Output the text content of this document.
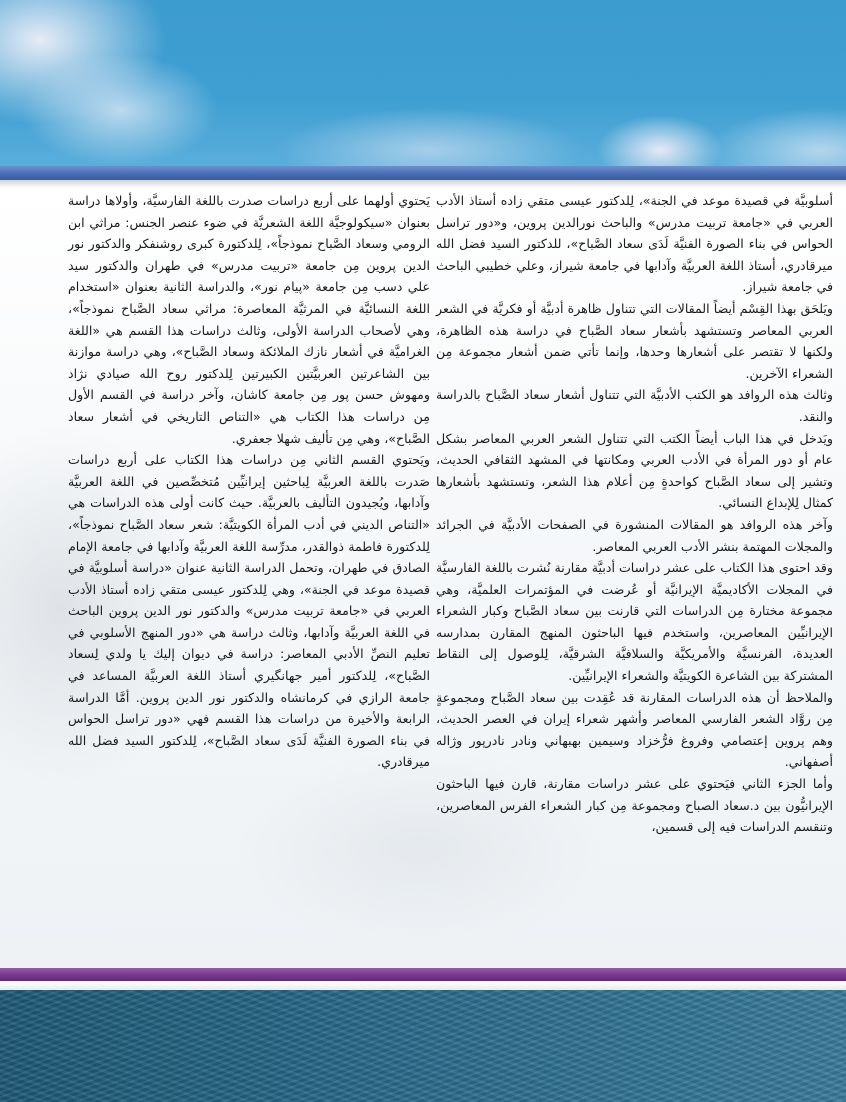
أسلوبيَّة في قصيدة موعد في الجنة»، لِلدكتور عيسى متقي زاده أستاذ الأدب العربي في «جامعة تربيت مدرس» والباحث نورالدين پروين، و«دور تراسل الحواس في بناء الصورة الفنيَّة لَدَى سعاد الصَّباح»، للدكتور السيد فضل الله ميرقادري، أستاذ اللغة العربيَّة وآدابها في جامعة شيراز، وعلي خطيبي الباحث في جامعة شيراز.

ويَلحَق بهذا القِسْم أيضاً المقالات التي تتناول ظاهرة أدبيَّة أو فكريَّة في الشعر العربي المعاصر وتستشهد بأشعار سعاد الصَّباح في دراسة هذه الظاهرة، ولكنها لا تقتصر على أشعارها وحدها، وإنما تأتي ضمن أشعار مجموعة مِن الشعراء الآخرين.

وثالث هذه الروافد هو الكتب الأدبيَّة التي تتناول أشعار سعاد الصَّباح بالدراسة والنقد.

ويَدخل في هذا الباب أيضاً الكتب التي تتناول الشعر العربي المعاصر بشكل عام أو دور المرأة في الأدب العربي ومكانتها في المشهد الثقافي الحديث، وتشير إلى سعاد الصَّباح كواحدةٍ مِن أعلام هذا الشعر، وتستشهد بأشعارها كمثال لِلإبداع النسائي.

وآخر هذه الروافد هو المقالات المنشورة في الصفحات الأدبيَّة في الجرائد والمجلات المهتمة بنشر الأدب العربي المعاصر.

وقد احتوى هذا الكتاب على عشر دراسات أدبيَّة مقارنة نُشرت باللغة الفارسيَّة في المجلات الأكاديميَّة الإيرانيَّة أو عُرضت في المؤتمرات العلميَّة، وهي مجموعة مختارة مِن الدراسات التي قارنت بين سعاد الصَّباح وكبار الشعراء الإيرانيِّين المعاصرين، واستخدم فيها الباحثون المنهج المقارن بمدارسه العديدة، الفرنسيَّة والأمريكيَّة والسلافيَّة الشرقيَّة، لِلوصول إلى النقاط المشتركة بين الشاعرة الكويتيَّة والشعراء الإيرانيِّين.

والملاحظ أن هذه الدراسات المقارنة قد عُقِدت بين سعاد الصَّباح ومجموعةٍ مِن روَّاد الشعر الفارسي المعاصر وأشهر شعراء إيران في العصر الحديث، وهم پروين إعتصامي وفروغ فرُّخزاد وسيمين بهبهاني ونادر نادرپور وژاله أصفهاني.

وأما الجزء الثاني فيَحتوي على عشر دراسات مقارنة، قارن فيها الباحثون الإيرانيُّون بين د.سعاد الصباح ومجموعة مِن كبار الشعراء الفرس المعاصرين، وتنقسم الدراسات فيه إلى قسمين،

يَحتوي أولهما على أربع دراسات صدرت باللغة الفارسيَّة، وأولاها دراسة بعنوان «سيكولوجيَّة اللغة الشعريَّة في ضوء عنصر الجنس: مراثي ابن الرومي وسعاد الصَّباح نموذجاً»، لِلدكتورة كبرى روشنفكر والدكتور نور الدين پروين مِن جامعة «تربيت مدرس» في طهران والدكتور سيد علي دسب مِن جامعة «پيام نور»، والدراسة الثانية بعنوان «استخدام اللغة النسائيَّة في المرثيَّة المعاصرة: مراثي سعاد الصَّباح نموذجاً»، وهي لأصحاب الدراسة الأولى، وثالث دراسات هذا القسم هي «اللغة الغراميَّة في أشعار نازك الملائكة وسعاد الصَّباح»، وهي دراسة موازنة بين الشاعرتين العربيَّتين الكبيرتين لِلدكتور روح الله صيادي نژاد ومهوش حسن پور مِن جامعة كاشان، وآخر دراسة في القسم الأول مِن دراسات هذا الكتاب هي «التناص التاريخي في أشعار سعاد الصَّباح»، وهي مِن تأليف شهلا جعفري.

ويَحتوي القسم الثاني مِن دراسات هذا الكتاب على أربع دراسات صَدرت باللغة العربيَّة لِباحثين إيرانيِّين مُتخصِّصين في اللغة العربيَّة وآدابها، ويُجيدون التأليف بالعربيَّة. حيث كانت أولى هذه الدراسات هي «التناص الديني في أدب المرأة الكويتيَّة: شعر سعاد الصَّباح نموذجاً»، لِلدكتورة فاطمة ذوالقدر، مدرِّسة اللغة العربيَّة وآدابها في جامعة الإمام الصادق في طهران، وتحمل الدراسة الثانية عنوان «دراسة أسلوبيَّة في قصيدة موعد في الجنة»، وهي لِلدكتور عيسى متقي زاده أستاذ الأدب العربي في «جامعة تربيت مدرس» والدكتور نور الدين پروين الباحث في اللغة العربيَّة وآدابها، وثالث دراسة هي «دور المنهج الأسلوبي في تعليم النصِّ الأدبي المعاصر: دراسة في ديوان إليك يا ولدي لِسعاد الصَّباح»، لِلدكتور أمير جهانگيري أستاذ اللغة العربيَّة المساعد في جامعة الرازي في كرمانشاه والدكتور نور الدين پروين. أمَّا الدراسة الرابعة والأخيرة من دراسات هذا القسم فهي «دور تراسل الحواس في بناء الصورة الفنيَّة لَدَى سعاد الصَّباح»، لِلدكتور السيد فضل الله ميرقادري.
